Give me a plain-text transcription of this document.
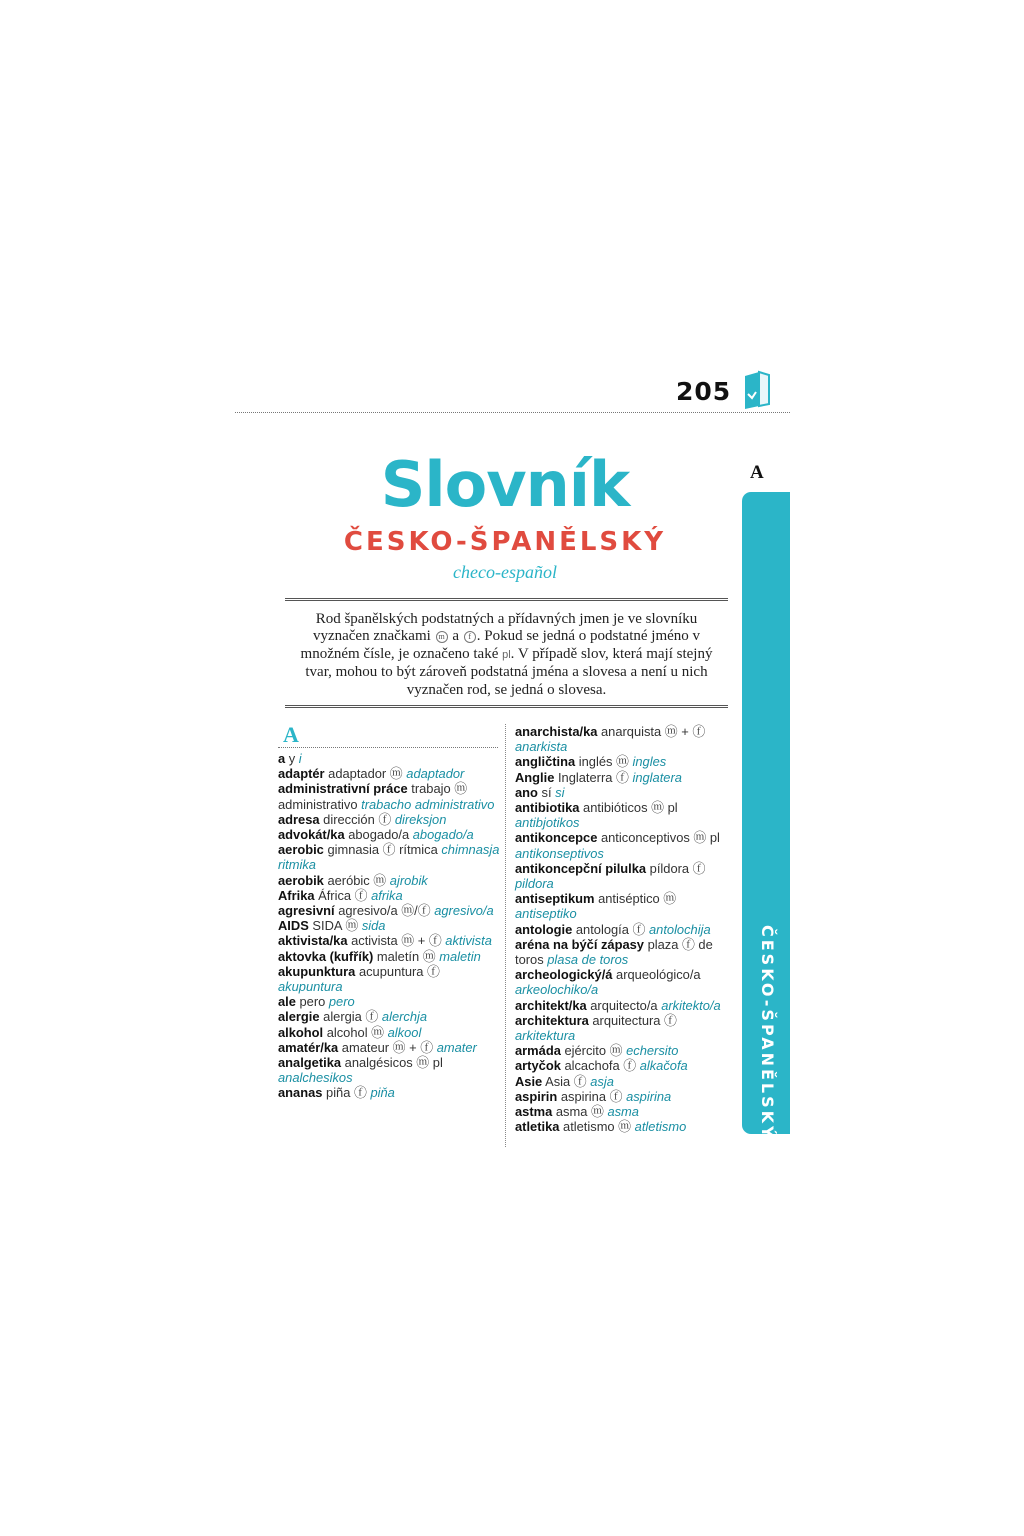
205
Slovník
ČESKO-ŠPANĚLSKÝ
checo-español
Rod španělských podstatných a přídavných jmen je ve slovníku vyznačen značkami m a f . Pokud se jedná o podstatné jméno v množném čísle, je označeno také pl. V případě slov, která mají stejný tvar, mohou to být zároveň podstatná jména a slovesa a není u nich vyznačen rod, se jedná o slovesa.
A

a y i

adaptér adaptador ⓜ adaptador

administrativní práce trabajo ⓜ administrativo trabacho administrativo

adresa dirección ⓕ direksjon

advokát/ka abogado/a abogado/a

aerobic gimnasia ⓕ rítmica chimnasja ritmika

aerobik aeróbic ⓜ ajrobik

Afrika África ⓕ afrika

agresivní agresivo/a ⓜ/ⓕ agresivo/a

AIDS SIDA ⓜ sida

aktivista/ka activista ⓜ + ⓕ aktivista

aktovka (kufřík) maletín ⓜ maletin

akupunktura acupuntura ⓕ akupuntura

ale pero pero

alergie alergia ⓕ alerchja

alkohol alcohol ⓜ alkool

amatér/ka amateur ⓜ + ⓕ amater

analgetika analgésicos ⓜ pl analchesikos

ananas piña ⓕ piňa

anarchista/ka anarquista ⓜ + ⓕ anarkista

angličtina inglés ⓜ ingles

Anglie Inglaterra ⓕ inglatera

ano sí si

antibiotika antibióticos ⓜ pl antibjotikos

antikoncepce anticonceptivos ⓜ pl antikonseptivos

antikoncepční pilulka píldora ⓕ pildora

antiseptikum antiséptico ⓜ antiseptiko

antologie antología ⓕ antolochija

aréna na býčí zápasy plaza ⓕ de toros plasa de toros

archeologický/á arqueológico/a arkeolochiko/a

architekt/ka arquitecto/a arkitekto/a

architektura arquitectura ⓕ arkitektura

armáda ejército ⓜ echersito

artyčok alcachofa ⓕ alkačofa

Asie Asia ⓕ asja

aspirin aspirina ⓕ aspirina

astma asma ⓜ asma

atletika atletismo ⓜ atletismo

A
ČESKO-ŠPANĚLSKÝ
